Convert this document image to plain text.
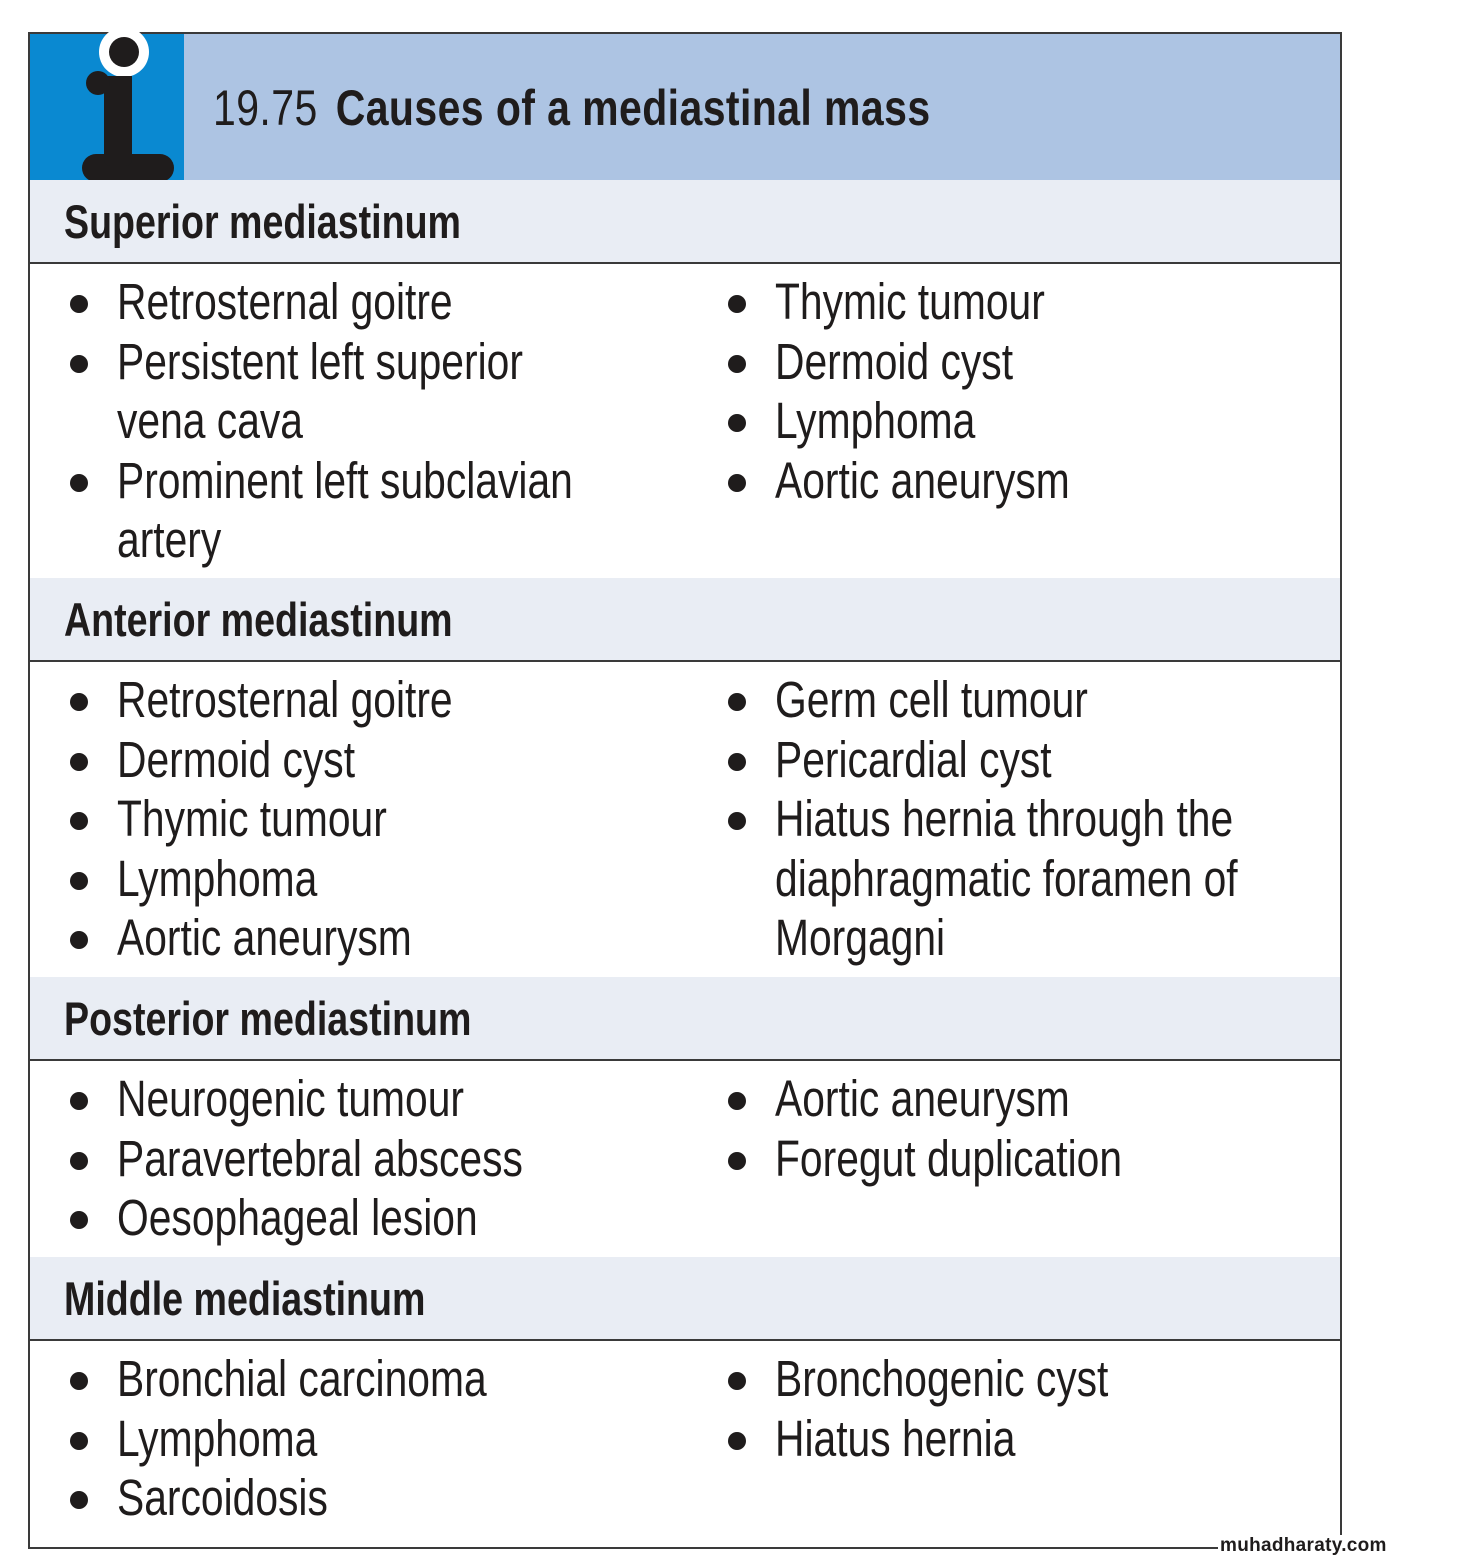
19.75 Causes of a mediastinal mass
Superior mediastinum
Retrosternal goitre
Persistent left superior
vena cava
Prominent left subclavian
artery
Thymic tumour
Dermoid cyst
Lymphoma
Aortic aneurysm
Anterior mediastinum
Retrosternal goitre
Dermoid cyst
Thymic tumour
Lymphoma
Aortic aneurysm
Germ cell tumour
Pericardial cyst
Hiatus hernia through the
diaphragmatic foramen of
Morgagni
Posterior mediastinum
Neurogenic tumour
Paravertebral abscess
Oesophageal lesion
Aortic aneurysm
Foregut duplication
Middle mediastinum
Bronchial carcinoma
Lymphoma
Sarcoidosis
Bronchogenic cyst
Hiatus hernia
muhadharaty.com
